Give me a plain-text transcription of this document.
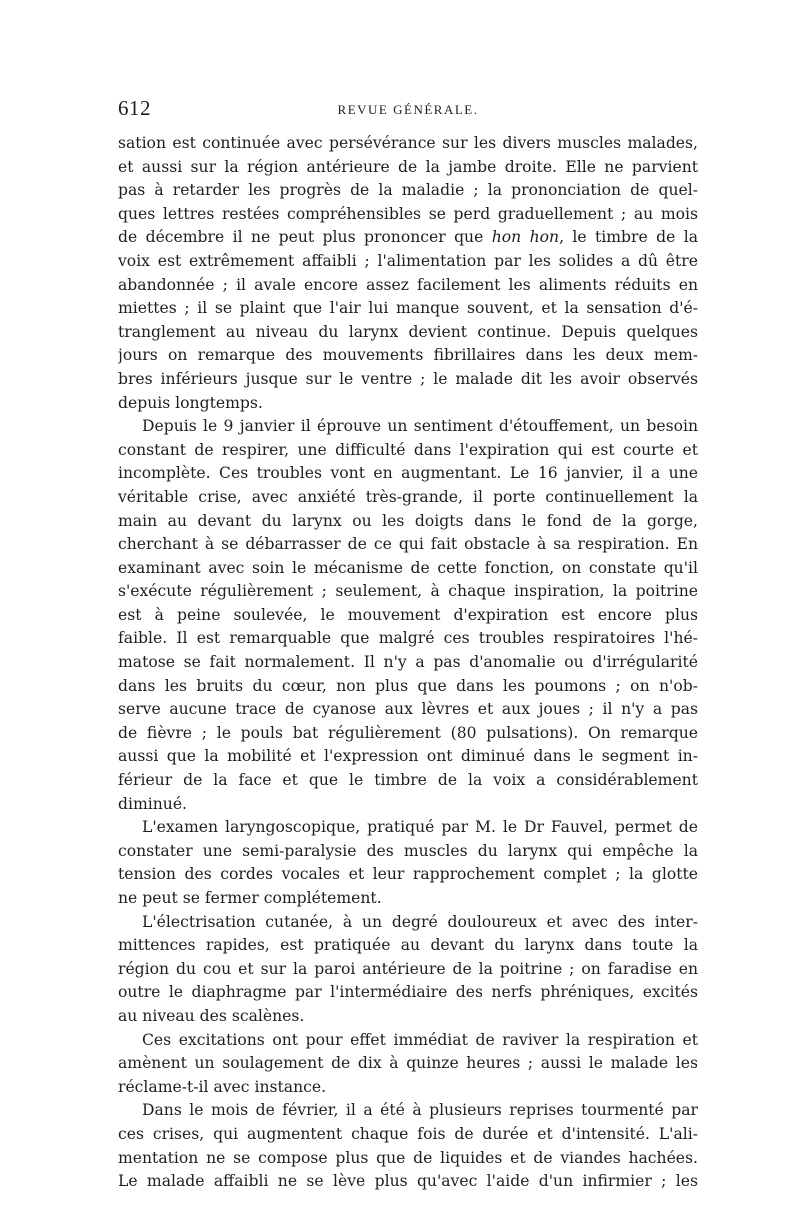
612	REVUE GÉNÉRALE.

sation est continuée avec persévérance sur les divers muscles malades,
et aussi sur la région antérieure de la jambe droite. Elle ne parvient
pas à retarder les progrès de la maladie ; la prononciation de quel-
ques lettres restées compréhensibles se perd graduellement ; au mois
de décembre il ne peut plus prononcer que hon hon, le timbre de la
voix est extrêmement affaibli ; l'alimentation par les solides a dû être
abandonnée ; il avale encore assez facilement les aliments réduits en
miettes ; il se plaint que l'air lui manque souvent, et la sensation d'é-
tranglement au niveau du larynx devient continue. Depuis quelques
jours on remarque des mouvements fibrillaires dans les deux mem-
bres inférieurs jusque sur le ventre ; le malade dit les avoir observés
depuis longtemps.

Depuis le 9 janvier il éprouve un sentiment d'étouffement, un besoin
constant de respirer, une difficulté dans l'expiration qui est courte et
incomplète. Ces troubles vont en augmentant. Le 16 janvier, il a une
véritable crise, avec anxiété très-grande, il porte continuellement la
main au devant du larynx ou les doigts dans le fond de la gorge,
cherchant à se débarrasser de ce qui fait obstacle à sa respiration. En
examinant avec soin le mécanisme de cette fonction, on constate qu'il
s'exécute régulièrement ; seulement, à chaque inspiration, la poitrine
est à peine soulevée, le mouvement d'expiration est encore plus
faible. Il est remarquable que malgré ces troubles respiratoires l'hé-
matose se fait normalement. Il n'y a pas d'anomalie ou d'irrégularité
dans les bruits du cœur, non plus que dans les poumons ; on n'ob-
serve aucune trace de cyanose aux lèvres et aux joues ; il n'y a pas
de fièvre ; le pouls bat régulièrement (80 pulsations). On remarque
aussi que la mobilité et l'expression ont diminué dans le segment in-
férieur de la face et que le timbre de la voix a considérablement
diminué.

L'examen laryngoscopique, pratiqué par M. le Dr Fauvel, permet de
constater une semi-paralysie des muscles du larynx qui empêche la
tension des cordes vocales et leur rapprochement complet ; la glotte
ne peut se fermer complétement.

L'électrisation cutanée, à un degré douloureux et avec des inter-
mittences rapides, est pratiquée au devant du larynx dans toute la
région du cou et sur la paroi antérieure de la poitrine ; on faradise en
outre le diaphragme par l'intermédiaire des nerfs phréniques, excités
au niveau des scalènes.

Ces excitations ont pour effet immédiat de raviver la respiration et
amènent un soulagement de dix à quinze heures ; aussi le malade les
réclame-t-il avec instance.

Dans le mois de février, il a été à plusieurs reprises tourmenté par
ces crises, qui augmentent chaque fois de durée et d'intensité. L'ali-
mentation ne se compose plus que de liquides et de viandes hachées.
Le malade affaibli ne se lève plus qu'avec l'aide d'un infirmier ; les
